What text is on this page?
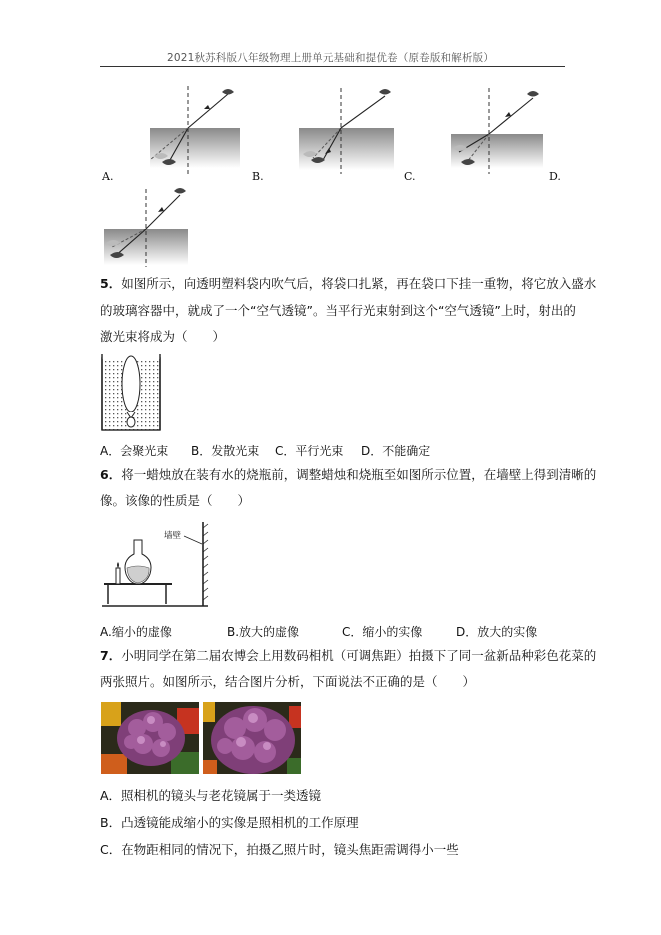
2021秋苏科版八年级物理上册单元基础和提优卷（原卷版和解析版）
A.	B.	C.	D.
5．如图所示，向透明塑料袋内吹气后，将袋口扎紧，再在袋口下挂一重物，将它放入盛水
的玻璃容器中，就成了一个“空气透镜”。当平行光束射到这个“空气透镜”上时，射出的
激光束将成为（　　）
A．会聚光束 B．发散光束 C．平行光束 D．不能确定
6．将一蜡烛放在装有水的烧瓶前，调整蜡烛和烧瓶至如图所示位置，在墙壁上得到清晰的
像。该像的性质是（　　）
墙壁
A.缩小的虚像	B.放大的虚像	C．缩小的实像	D．放大的实像
7．小明同学在第二届农博会上用数码相机（可调焦距）拍摄下了同一盆新品种彩色花菜的
两张照片。如图所示，结合图片分析，下面说法不正确的是（　　）
A．照相机的镜头与老花镜属于一类透镜
B．凸透镜能成缩小的实像是照相机的工作原理
C．在物距相同的情况下，拍摄乙照片时，镜头焦距需调得小一些
